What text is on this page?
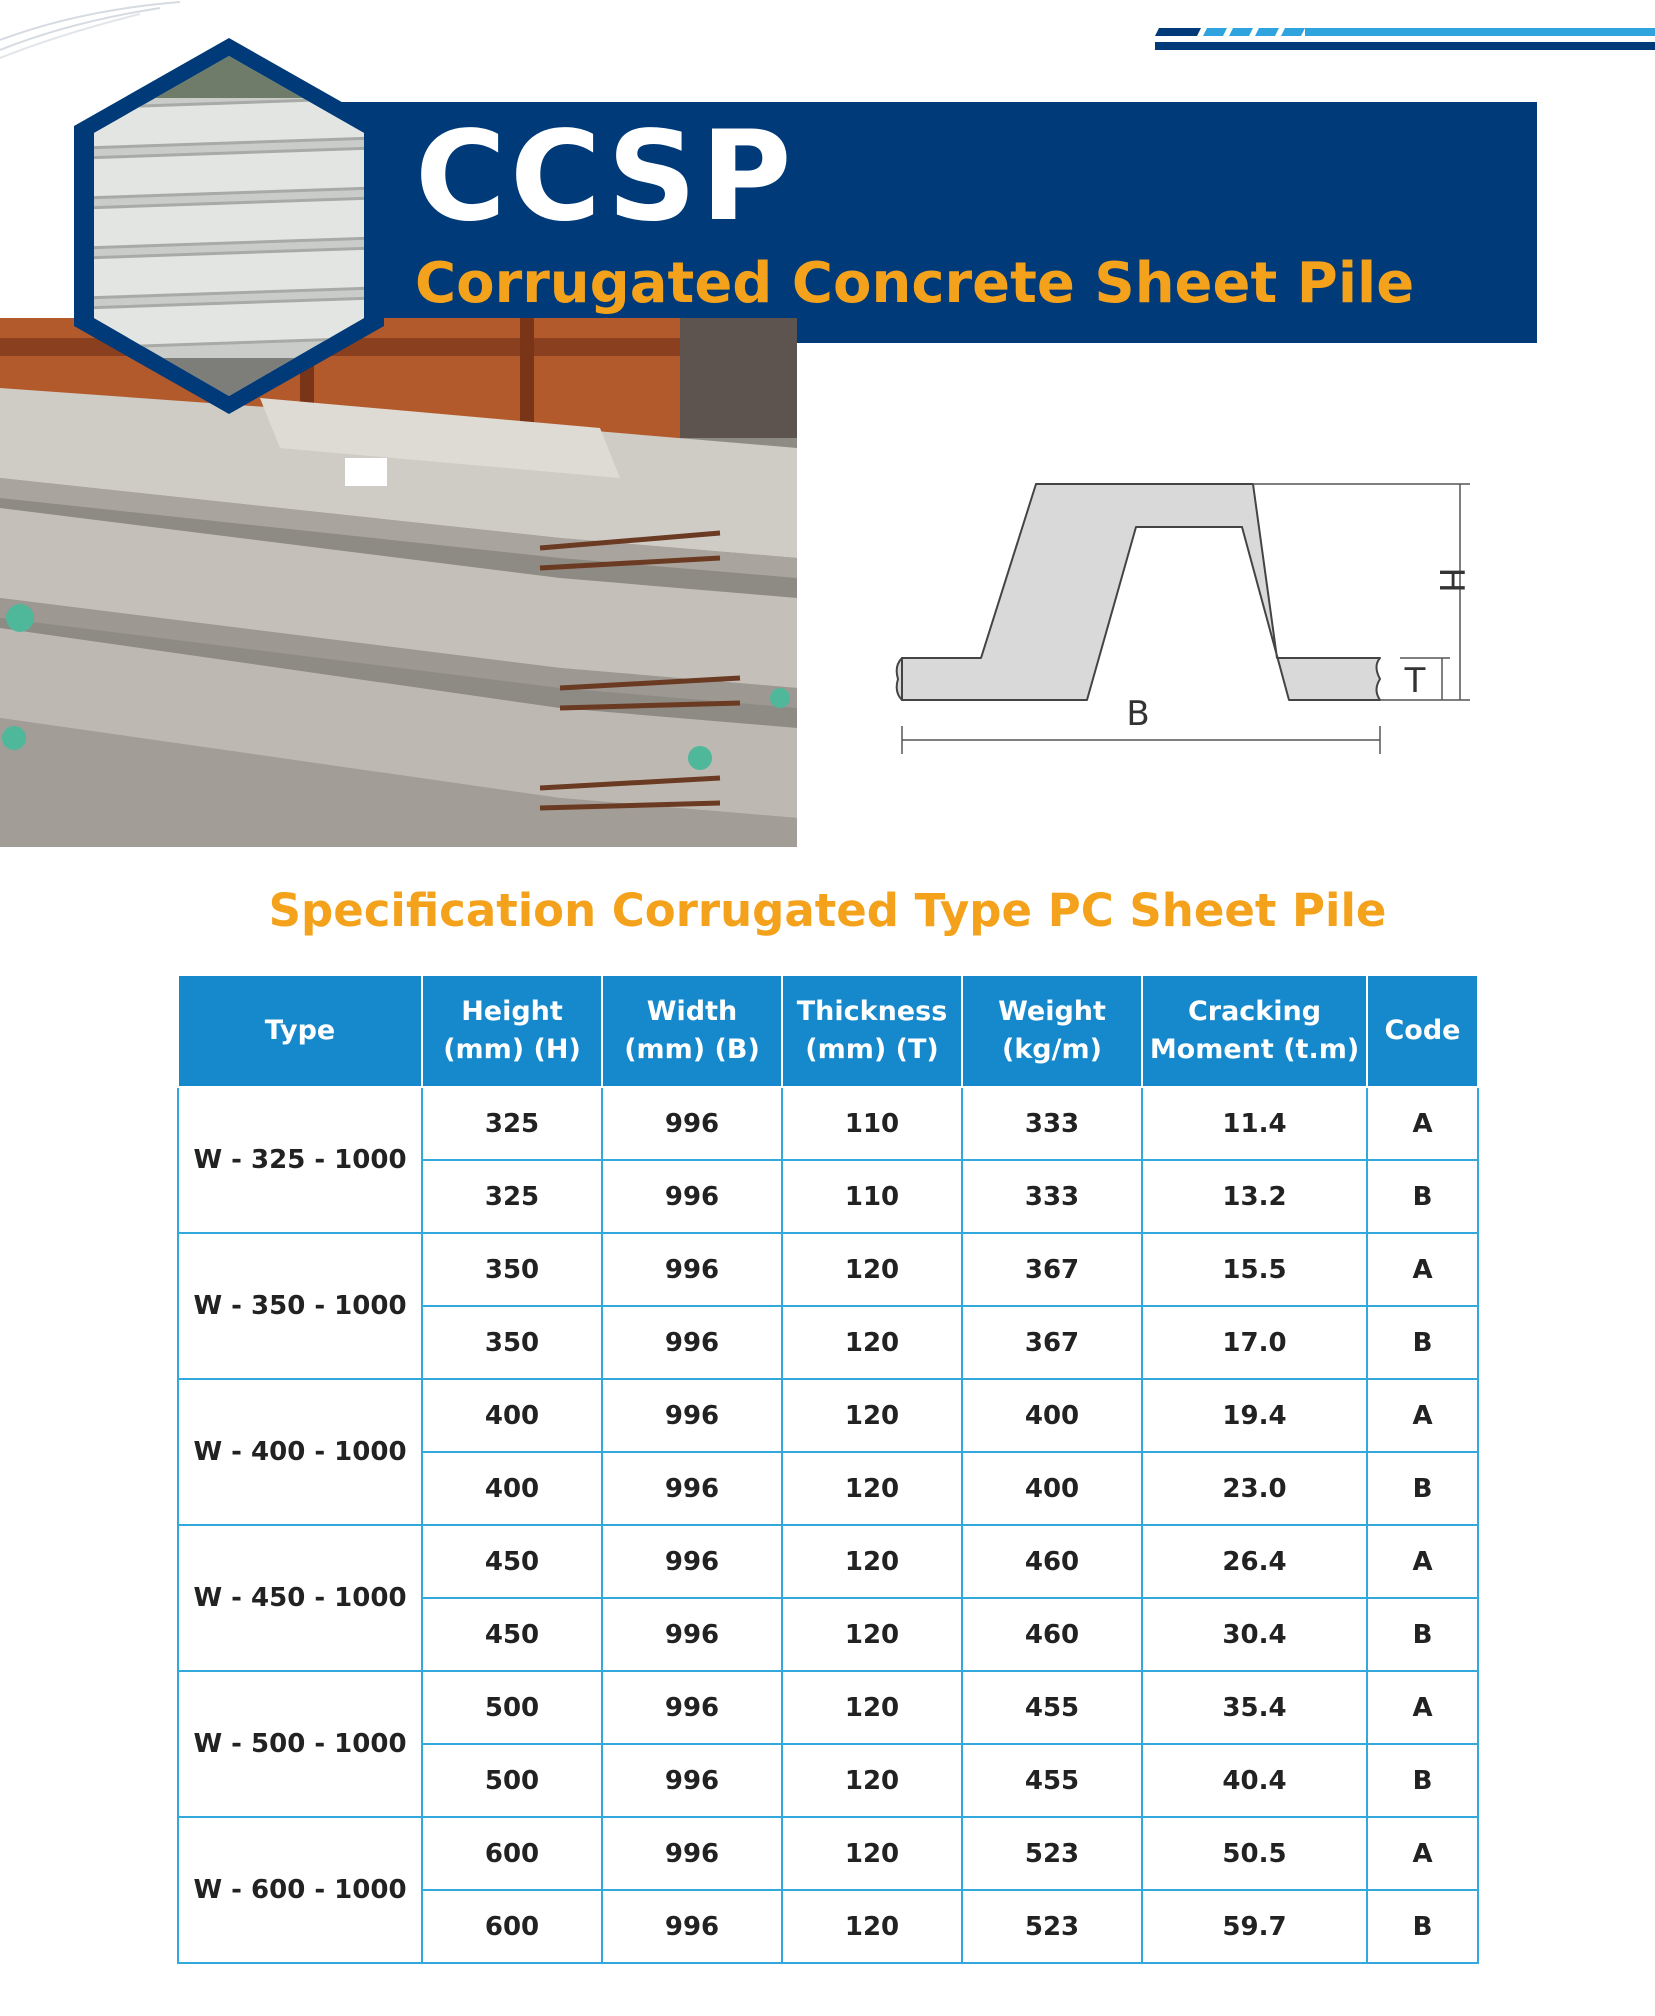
CCSP
Corrugated Concrete Sheet Pile
H
T
B
Specification Corrugated Type PC Sheet Pile
Type	Height (mm) (H)	Width (mm) (B)	Thickness (mm) (T)	Weight (kg/m)	Cracking Moment (t.m)	Code
W - 325 - 1000	325	996	110	333	11.4	A
	325	996	110	333	13.2	B
W - 350 - 1000	350	996	120	367	15.5	A
	350	996	120	367	17.0	B
W - 400 - 1000	400	996	120	400	19.4	A
	400	996	120	400	23.0	B
W - 450 - 1000	450	996	120	460	26.4	A
	450	996	120	460	30.4	B
W - 500 - 1000	500	996	120	455	35.4	A
	500	996	120	455	40.4	B
W - 600 - 1000	600	996	120	523	50.5	A
	600	996	120	523	59.7	B
